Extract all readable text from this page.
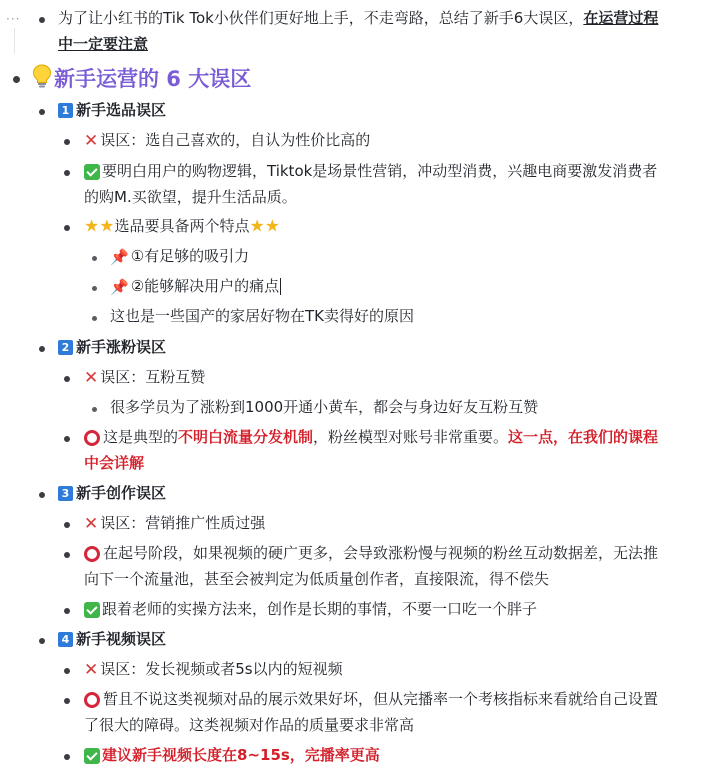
···	为了让小红书的Tik Tok小伙伴们更好地上手，不走弯路，总结了新手6大误区，在运营过程
中一定要注意
新手运营的 6 大误区
1 新手选品误区
✕ 误区：选自己喜欢的，自认为性价比高的
要明白用户的购物逻辑，Tiktok是场景性营销，冲动型消费，兴趣电商要激发消费者
的购M.买欲望，提升生活品质。
★★选品要具备两个特点★★
📌 ①有足够的吸引力
📌 ②能够解决用户的痛点
这也是一些国产的家居好物在TK卖得好的原因
2 新手涨粉误区
✕ 误区：互粉互赞
很多学员为了涨粉到1000开通小黄车，都会与身边好友互粉互赞
这是典型的不明白流量分发机制，粉丝模型对账号非常重要。这一点，在我们的课程
中会详解
3 新手创作误区
✕ 误区：营销推广性质过强
在起号阶段，如果视频的硬广更多，会导致涨粉慢与视频的粉丝互动数据差，无法推
向下一个流量池，甚至会被判定为低质量创作者，直接限流，得不偿失
跟着老师的实操方法来，创作是长期的事情，不要一口吃一个胖子
4 新手视频误区
✕ 误区：发长视频或者5s以内的短视频
暂且不说这类视频对品的展示效果好坏，但从完播率一个考核指标来看就给自己设置
了很大的障碍。这类视频对作品的质量要求非常高
建议新手视频长度在8~15s，完播率更高
